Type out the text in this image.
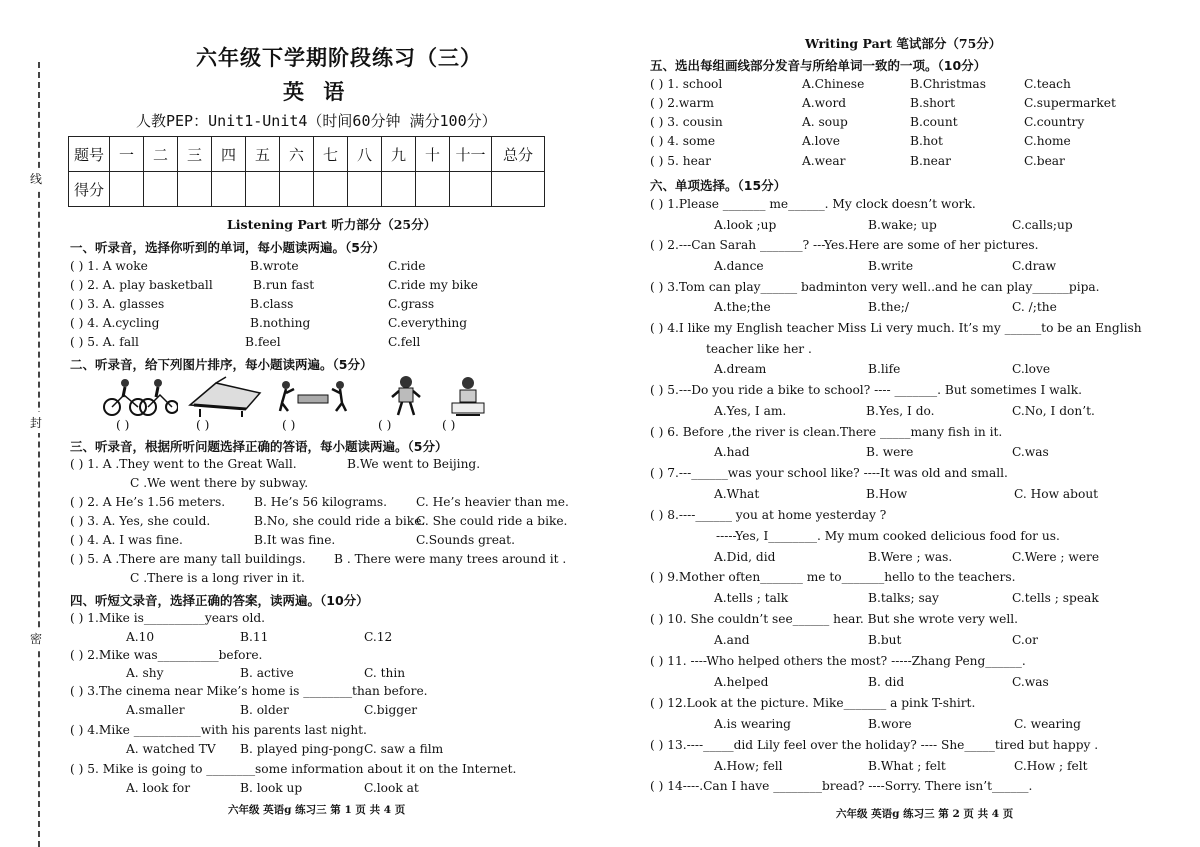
线
封
密
六年级下学期阶段练习（三）
英 语
人教PEP：Unit1-Unit4（时间60分钟 满分100分）
题号	一	二	三	四	五	六	七	八	九	十	十一	总分
得分												
Listening Part 听力部分（25分）
一、听录音，选择你听到的单词，每小题读两遍。（5分）
( ) 1. A woke	B.wrote	C.ride
( ) 2. A. play basketball	B.run fast	C.ride my bike
( ) 3. A. glasses	B.class	C.grass
( ) 4. A.cycling	B.nothing	C.everything
( ) 5. A. fall	B.feel	C.fell
二、听录音，给下列图片排序，每小题读两遍。（5分）
( )	( )	( )	( )	( )
三、听录音，根据所听问题选择正确的答语，每小题读两遍。（5分）
( ) 1. A .They went to the Great Wall.	B.We went to Beijing.
C .We went there by subway.
( ) 2. A He’s 1.56 meters. B. He’s 56 kilograms. C. He’s heavier than me.
( ) 3. A. Yes, she could.	B.No, she could ride a bike.
C. She could ride a bike.
( ) 4. A. I was fine.	B.It was fine.	C.Sounds great.
( ) 5. A .There are many tall buildings. B . There were many trees around it .
C .There is a long river in it.
四、听短文录音，选择正确的答案，读两遍。（10分）
( ) 1.Mike is__________years old.
A.10	B.11	C.12
( ) 2.Mike was__________before.
A. shy	B. active	C. thin
( ) 3.The cinema near Mike’s home is ________than before.
A.smaller	B. older	C.bigger
( ) 4.Mike ___________with his parents last night.
A. watched TV B. played ping-pong C. saw a film
( ) 5. Mike is going to ________some information about it on the Internet.
A. look for	B. look up	C.look at
六年级 英语g 练习三 第 1 页 共 4 页
Writing Part 笔试部分（75分）
五、选出每组画线部分发音与所给单词一致的一项。（10分）
( ) 1. school	A.Chinese	B.Christmas	C.teach
( ) 2.warm	A.word	B.short	C.supermarket
( ) 3. cousin	A. soup	B.count	C.country
( ) 4. some	A.love	B.hot	C.home
( ) 5. hear	A.wear	B.near	C.bear
六、单项选择。（15分）
( ) 1.Please _______ me______. My clock doesn’t work.
A.look ;up	B.wake; up	C.calls;up
( ) 2.---Can Sarah _______? ---Yes.Here are some of her pictures.
A.dance	B.write	C.draw
( ) 3.Tom can play______ badminton very well..and he can play______pipa.
A.the;the	B.the;/	C. /;the
( ) 4.I like my English teacher Miss Li very much. It’s my ______to be an English
teacher like her .
A.dream	B.life	C.love
( ) 5.---Do you ride a bike to school? ---- _______. But sometimes I walk.
A.Yes, I am.	B.Yes, I do.	C.No, I don’t.
( ) 6. Before ,the river is clean.There _____many fish in it.
A.had	B. were	C.was
( ) 7.---______was your school like? ----It was old and small.
A.What	B.How	C. How about
( ) 8.----______ you at home yesterday ?
-----Yes, I________. My mum cooked delicious food for us.
A.Did, did	B.Were ; was.	C.Were ; were
( ) 9.Mother often_______ me to_______hello to the teachers.
A.tells ; talk	B.talks; say	C.tells ; speak
( ) 10. She couldn’t see______ hear. But she wrote very well.
A.and	B.but	C.or
( ) 11. ----Who helped others the most? -----Zhang Peng______.
A.helped	B. did	C.was
( ) 12.Look at the picture. Mike_______ a pink T-shirt.
A.is wearing	B.wore	C. wearing
( ) 13.----_____did Lily feel over the holiday? ---- She_____tired but happy .
A.How; fell	B.What ; felt	C.How ; felt
( ) 14----.Can I have ________bread? ----Sorry. There isn’t______.
六年级 英语g 练习三 第 2 页 共 4 页
